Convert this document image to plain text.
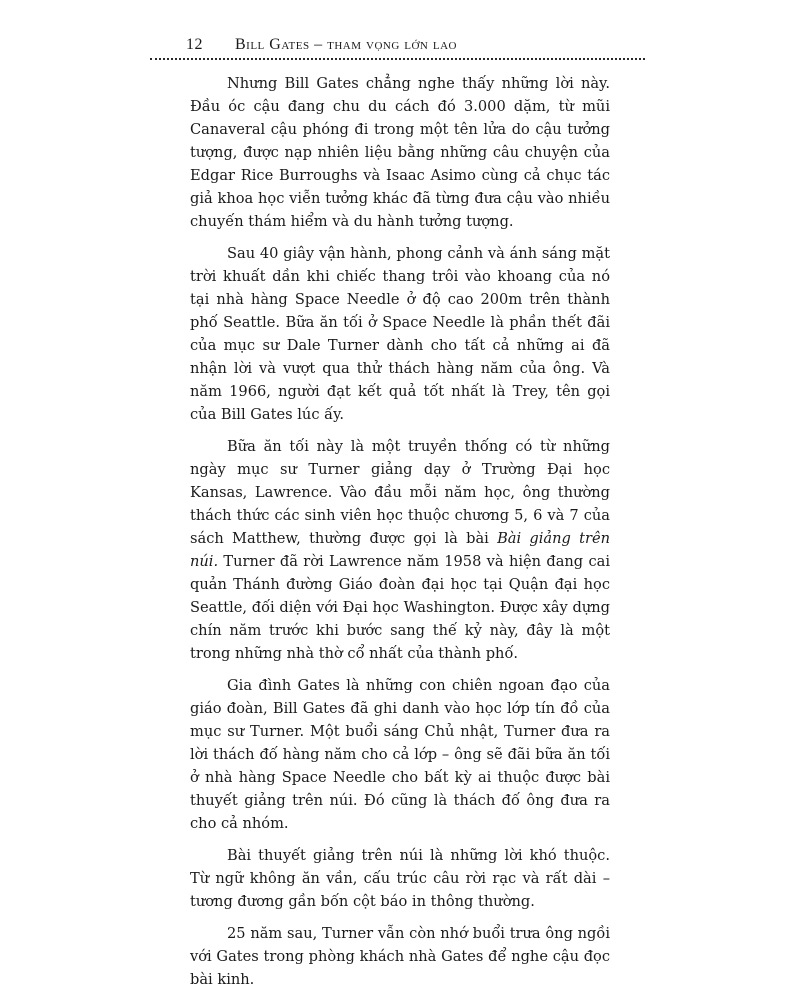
12 Bill Gates – tham vọng lớn lao

Nhưng Bill Gates chẳng nghe thấy những lời này. Đầu óc cậu đang chu du cách đó 3.000 dặm, từ mũi Canaveral cậu phóng đi trong một tên lửa do cậu tưởng tượng, được nạp nhiên liệu bằng những câu chuyện của Edgar Rice Burroughs và Isaac Asimo cùng cả chục tác giả khoa học viễn tưởng khác đã từng đưa cậu vào nhiều chuyến thám hiểm và du hành tưởng tượng.

Sau 40 giây vận hành, phong cảnh và ánh sáng mặt trời khuất dần khi chiếc thang trôi vào khoang của nó tại nhà hàng Space Needle ở độ cao 200m trên thành phố Seattle. Bữa ăn tối ở Space Needle là phần thết đãi của mục sư Dale Turner dành cho tất cả những ai đã nhận lời và vượt qua thử thách hàng năm của ông. Và năm 1966, người đạt kết quả tốt nhất là Trey, tên gọi của Bill Gates lúc ấy.

Bữa ăn tối này là một truyền thống có từ những ngày mục sư Turner giảng dạy ở Trường Đại học Kansas, Lawrence. Vào đầu mỗi năm học, ông thường thách thức các sinh viên học thuộc chương 5, 6 và 7 của sách Matthew, thường được gọi là bài Bài giảng trên núi. Turner đã rời Lawrence năm 1958 và hiện đang cai quản Thánh đường Giáo đoàn đại học tại Quận đại học Seattle, đối diện với Đại học Washington. Được xây dựng chín năm trước khi bước sang thế kỷ này, đây là một trong những nhà thờ cổ nhất của thành phố.

Gia đình Gates là những con chiên ngoan đạo của giáo đoàn, Bill Gates đã ghi danh vào học lớp tín đồ của mục sư Turner. Một buổi sáng Chủ nhật, Turner đưa ra lời thách đố hàng năm cho cả lớp – ông sẽ đãi bữa ăn tối ở nhà hàng Space Needle cho bất kỳ ai thuộc được bài thuyết giảng trên núi. Đó cũng là thách đố ông đưa ra cho cả nhóm.

Bài thuyết giảng trên núi là những lời khó thuộc. Từ ngữ không ăn vần, cấu trúc câu rời rạc và rất dài – tương đương gần bốn cột báo in thông thường.

25 năm sau, Turner vẫn còn nhớ buổi trưa ông ngồi với Gates trong phòng khách nhà Gates để nghe cậu đọc bài kinh.
